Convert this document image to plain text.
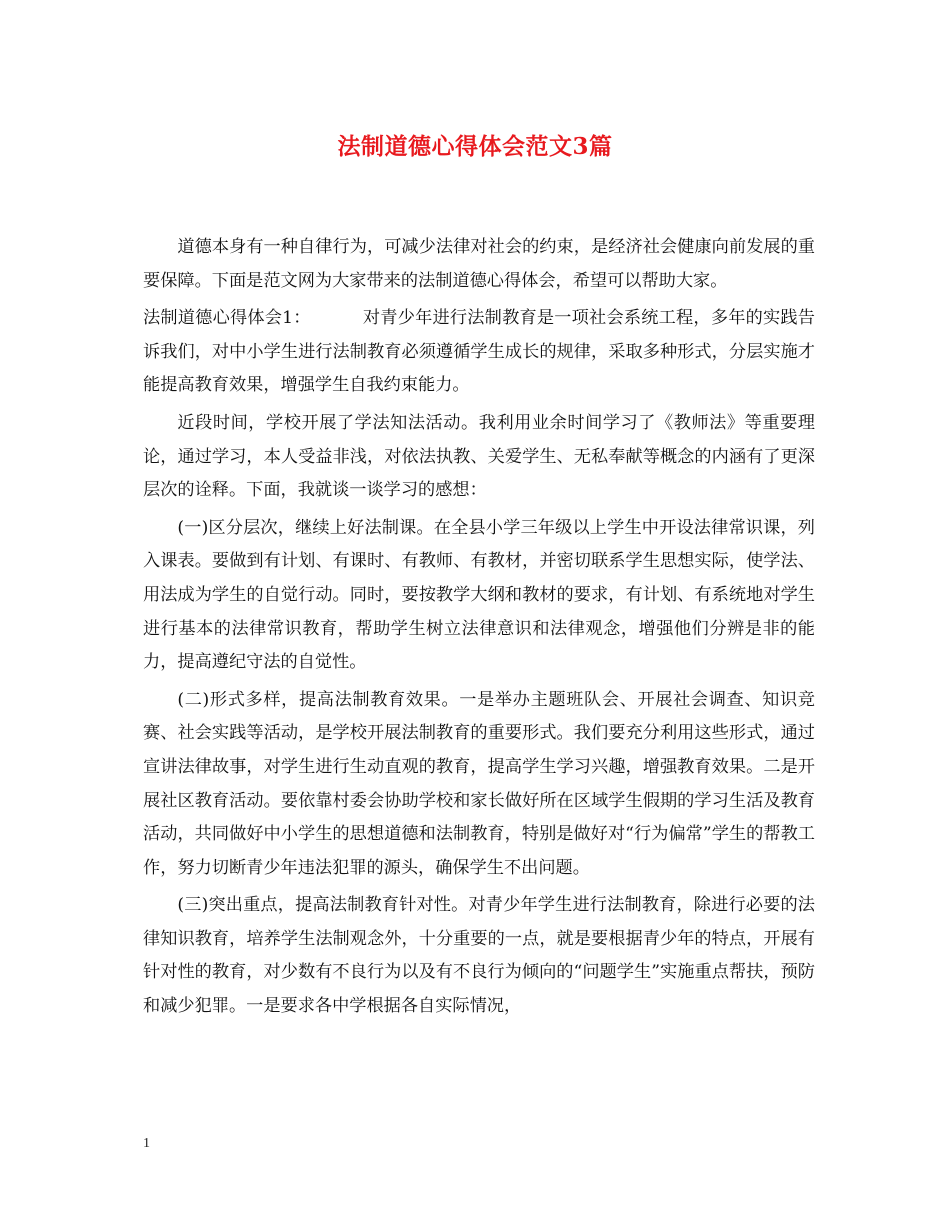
法制道德心得体会范文3篇

道德本身有一种自律行为，可减少法律对社会的约束，是经济社会健康向前发展的重要保障。下面是范文网为大家带来的法制道德心得体会，希望可以帮助大家。

法制道德心得体会1：	对青少年进行法制教育是一项社会系统工程，多年的实践告诉我们，对中小学生进行法制教育必须遵循学生成长的规律，采取多种形式，分层实施才能提高教育效果，增强学生自我约束能力。

近段时间，学校开展了学法知法活动。我利用业余时间学习了《教师法》等重要理论，通过学习，本人受益非浅，对依法执教、关爱学生、无私奉献等概念的内涵有了更深层次的诠释。下面，我就谈一谈学习的感想：

(一)区分层次，继续上好法制课。在全县小学三年级以上学生中开设法律常识课，列入课表。要做到有计划、有课时、有教师、有教材，并密切联系学生思想实际，使学法、用法成为学生的自觉行动。同时，要按教学大纲和教材的要求，有计划、有系统地对学生进行基本的法律常识教育，帮助学生树立法律意识和法律观念，增强他们分辨是非的能力，提高遵纪守法的自觉性。

(二)形式多样，提高法制教育效果。一是举办主题班队会、开展社会调查、知识竞赛、社会实践等活动，是学校开展法制教育的重要形式。我们要充分利用这些形式，通过宣讲法律故事，对学生进行生动直观的教育，提高学生学习兴趣，增强教育效果。二是开展社区教育活动。要依靠村委会协助学校和家长做好所在区域学生假期的学习生活及教育活动，共同做好中小学生的思想道德和法制教育，特别是做好对“行为偏常”学生的帮教工作，努力切断青少年违法犯罪的源头，确保学生不出问题。

(三)突出重点，提高法制教育针对性。对青少年学生进行法制教育，除进行必要的法律知识教育，培养学生法制观念外，十分重要的一点，就是要根据青少年的特点，开展有针对性的教育，对少数有不良行为以及有不良行为倾向的“问题学生”实施重点帮扶，预防和减少犯罪。一是要求各中学根据各自实际情况，

1
